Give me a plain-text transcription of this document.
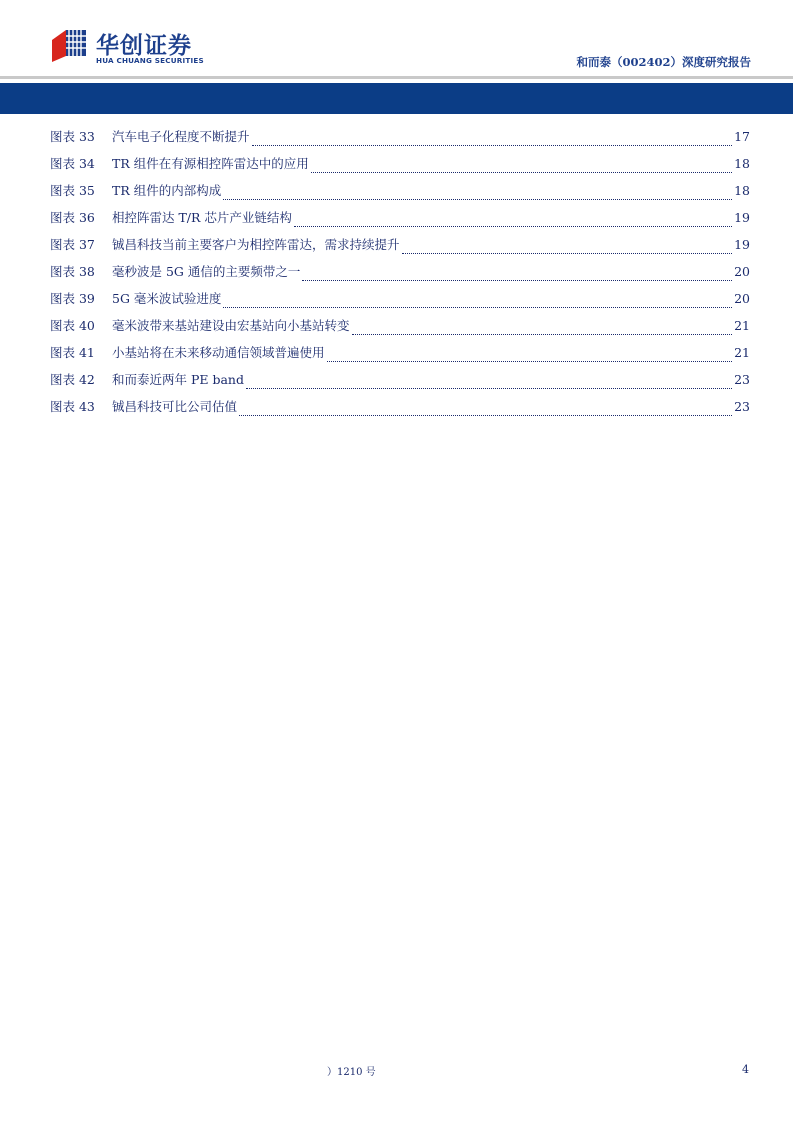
华创证券
HUA CHUANG SECURITIES	和而泰（002402）深度研究报告
图表 33	汽车电子化程度不断提升	17
图表 34	TR 组件在有源相控阵雷达中的应用	18
图表 35	TR 组件的内部构成	18
图表 36	相控阵雷达 T/R 芯片产业链结构	19
图表 37	铖昌科技当前主要客户为相控阵雷达，需求持续提升	19
图表 38	毫秒波是 5G 通信的主要频带之一	20
图表 39	5G 毫米波试验进度	20
图表 40	毫米波带来基站建设由宏基站向小基站转变	21
图表 41	小基站将在未来移动通信领域普遍使用	21
图表 42	和而泰近两年 PE band	23
图表 43	铖昌科技可比公司估值	23
）1210 号	4
